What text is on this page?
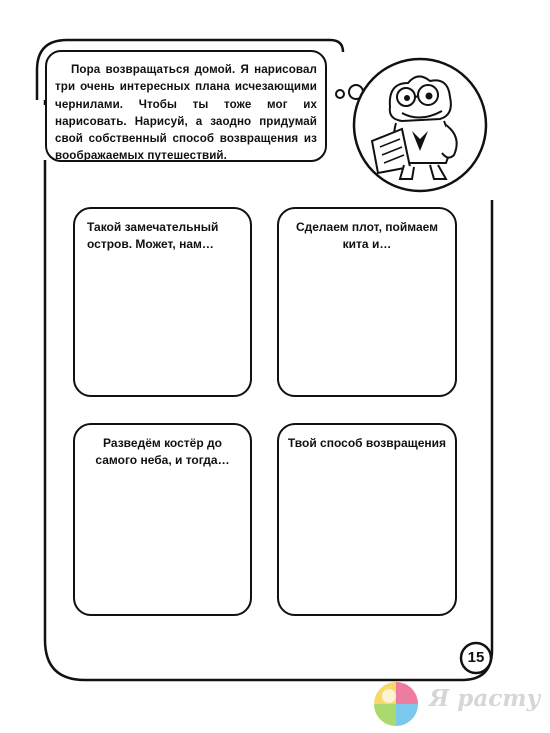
Пора возвращаться домой. Я нарисовал три очень интересных плана исчезающими чернилами. Чтобы ты тоже мог их нарисовать. Нарисуй, а заодно придумай свой собственный способ возвращения из воображаемых путешествий.
Такой замечательный остров. Может, нам…
Сделаем плот, поймаем кита и…
Разведём костёр до самого неба, и тогда…
Твой способ возвращения
15
Я расту
